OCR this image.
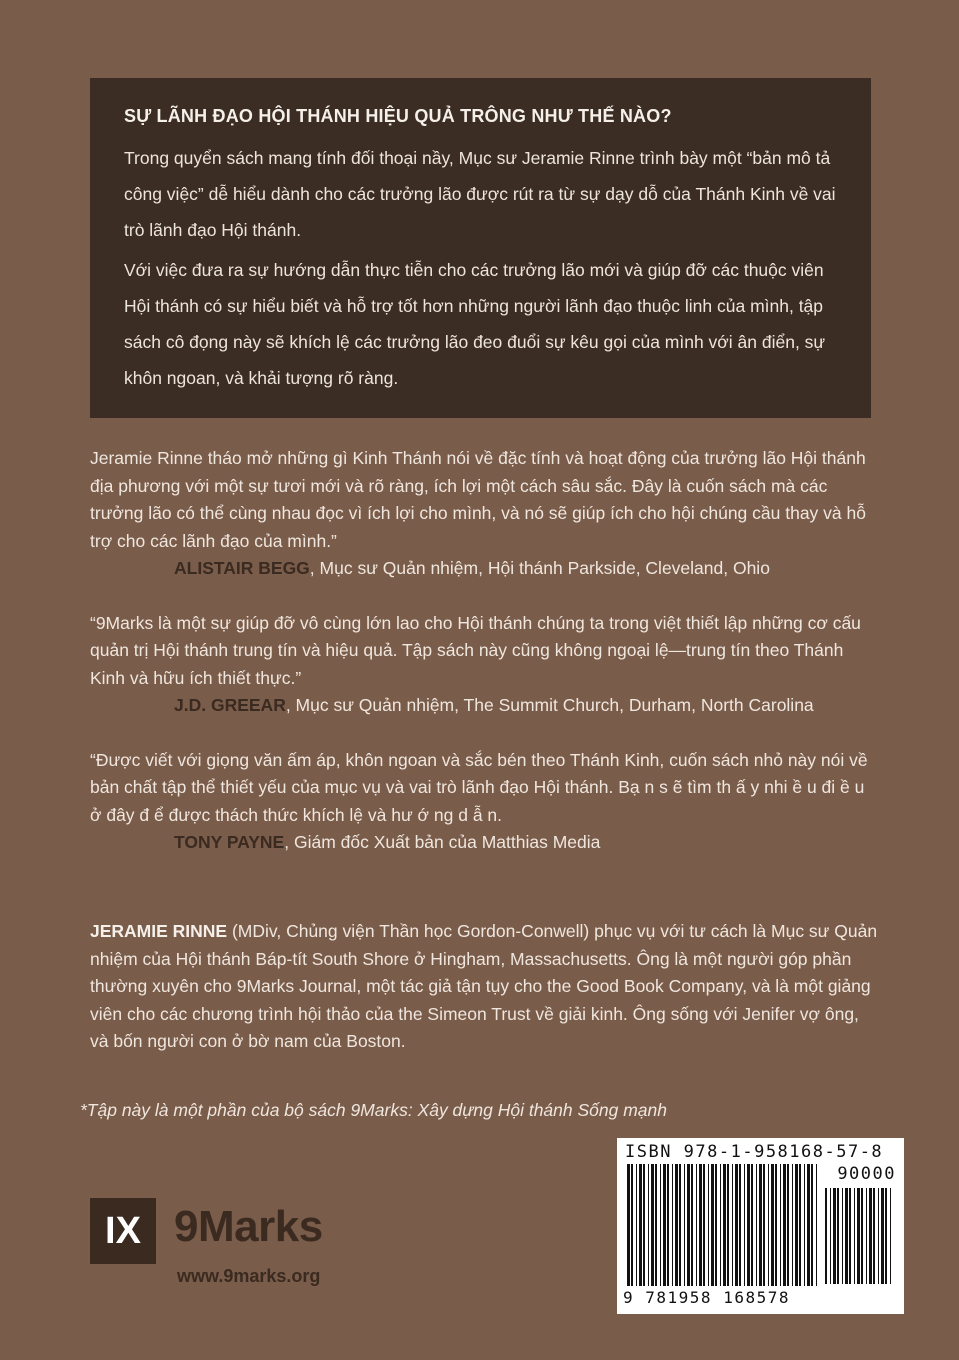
SỰ LÃNH ĐẠO HỘI THÁNH HIỆU QUẢ TRÔNG NHƯ THẾ NÀO?

Trong quyển sách mang tính đối thoại nầy, Mục sư Jeramie Rinne trình bày một “bản mô tả công việc” dễ hiểu dành cho các trưởng lão được rút ra từ sự dạy dỗ của Thánh Kinh về vai trò lãnh đạo Hội thánh.

Với việc đưa ra sự hướng dẫn thực tiễn cho các trưởng lão mới và giúp đỡ các thuộc viên Hội thánh có sự hiểu biết và hỗ trợ tốt hơn những người lãnh đạo thuộc linh của mình, tập sách cô đọng này sẽ khích lệ các trưởng lão đeo đuổi sự kêu gọi của mình với ân điển, sự khôn ngoan, và khải tượng rõ ràng.

Jeramie Rinne tháo mở những gì Kinh Thánh nói về đặc tính và hoạt động của trưởng lão Hội thánh địa phương với một sự tươi mới và rõ ràng, ích lợi một cách sâu sắc. Đây là cuốn sách mà các trưởng lão có thể cùng nhau đọc vì ích lợi cho mình, và nó sẽ giúp ích cho hội chúng cầu thay và hỗ trợ cho các lãnh đạo của mình.”

ALISTAIR BEGG, Mục sư Quản nhiệm, Hội thánh Parkside, Cleveland, Ohio

“9Marks là một sự giúp đỡ vô cùng lớn lao cho Hội thánh chúng ta trong việt thiết lập những cơ cấu quản trị Hội thánh trung tín và hiệu quả. Tập sách này cũng không ngoại lệ—trung tín theo Thánh Kinh và hữu ích thiết thực.”

J.D. GREEAR, Mục sư Quản nhiệm, The Summit Church, Durham, North Carolina

“Được viết với giọng văn ấm áp, khôn ngoan và sắc bén theo Thánh Kinh, cuốn sách nhỏ này nói về bản chất tập thể thiết yếu của mục vụ và vai trò lãnh đạo Hội thánh. Bạ n s ẽ tìm th ấ y nhi ề u đi ề u ở đây đ ể được thách thức khích lệ và hư ớ ng d ẫ n.

TONY PAYNE, Giám đốc Xuất bản của Matthias Media

JERAMIE RINNE (MDiv, Chủng viện Thần học Gordon-Conwell) phục vụ với tư cách là Mục sư Quản nhiệm của Hội thánh Báp-tít South Shore ở Hingham, Massachusetts. Ông là một người góp phần thường xuyên cho 9Marks Journal, một tác giả tận tụy cho the Good Book Company, và là một giảng viên cho các chương trình hội thảo của the Simeon Trust về giải kinh. Ông sống với Jenifer vợ ông, và bốn người con ở bờ nam của Boston.

*Tập này là một phần của bộ sách 9Marks: Xây dựng Hội thánh Sống mạnh
IX 9Marks
www.9marks.org
ISBN 978-1-958168-57-8
90000
9 781958 168578
